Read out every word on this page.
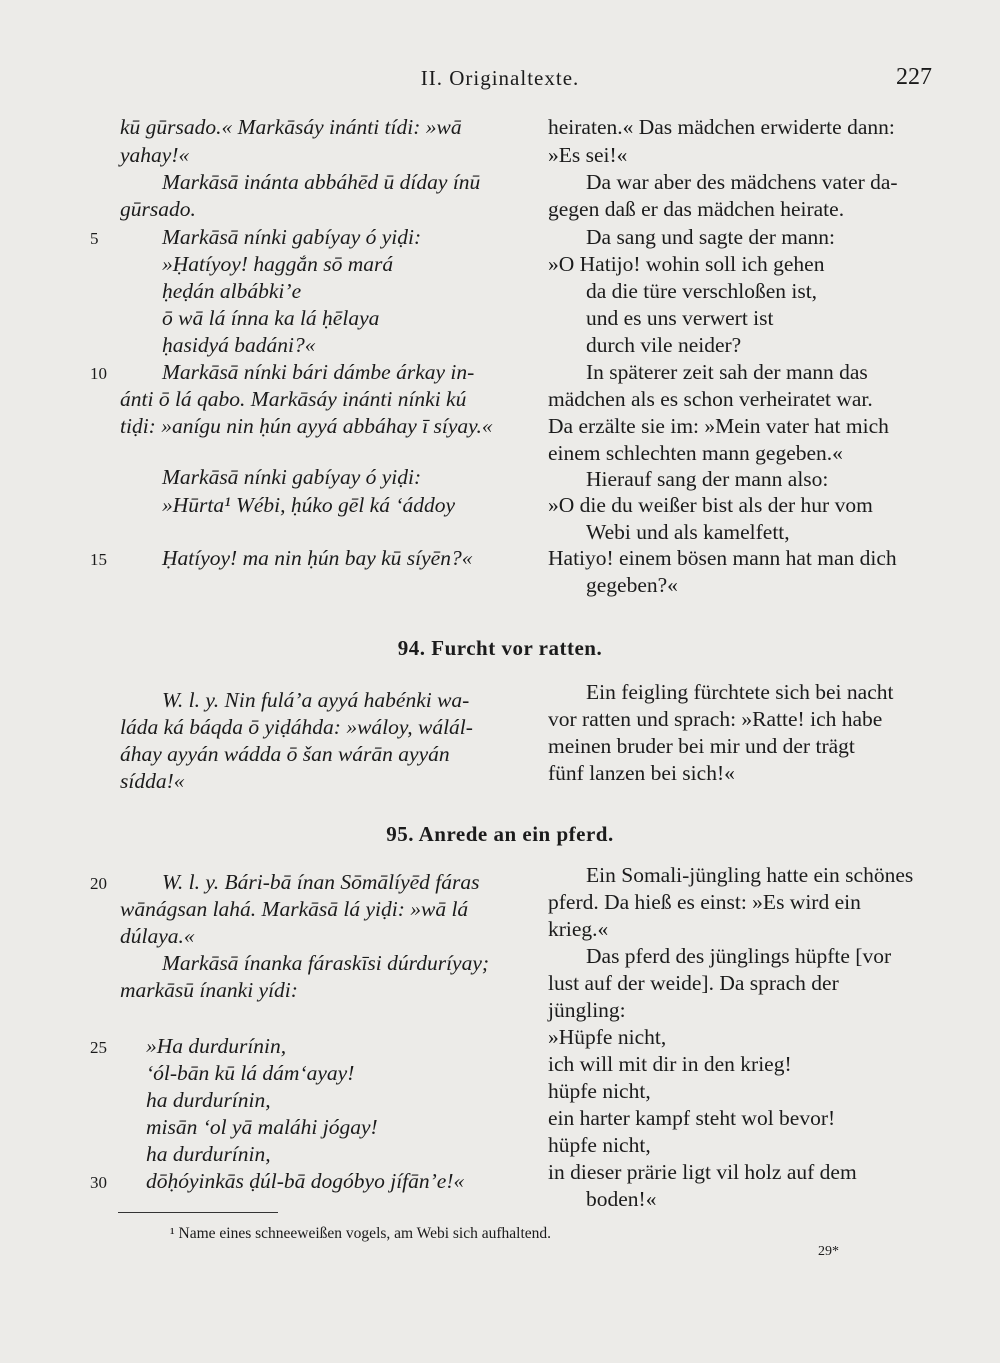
II. Originaltexte.	227
kū gūrsado.« Markāsáy inánti tídi: »wā
yahay!«
Markāsā inánta abbáhēd ū díday ínū
gūrsado.
Markāsā nínki gabíyay ó yiḍi:
5
»Ḥatíyoy! haggắn sō mará
ḥeḍán albábkiʼe
ō wā lá ínna ka lá ḥēlaya
ḥasidyá badáni?«
Markāsā nínki bári dámbe árkay in-
10
ánti ō lá qabo. Markāsáy inánti nínki kú
tiḍi: »anígu nin ḥún ayyá abbáhay ī síyay.«
Markāsā nínki gabíyay ó yiḍi:
»Hūrta¹ Wébi, ḥúko gēl ká ʻáddoy
Ḥatíyoy! ma nin ḥún bay kū síyēn?«
15
heiraten.« Das mädchen erwiderte dann:
»Es sei!«
Da war aber des mädchens vater da-
gegen daß er das mädchen heirate.
Da sang und sagte der mann:
»O Hatijo! wohin soll ich gehen
da die türe verschloßen ist,
und es uns verwert ist
durch vile neider?
In späterer zeit sah der mann das
mädchen als es schon verheiratet war.
Da erzälte sie im: »Mein vater hat mich
einem schlechten mann gegeben.«
Hierauf sang der mann also:
»O die du weißer bist als der hur vom
Webi und als kamelfett,
Hatiyo! einem bösen mann hat man dich
gegeben?«
94. Furcht vor ratten.
W. l. y. Nin fuláʼa ayyá habénki wa-
láda ká báqda ō yiḍáhda: »wáloy, wálál-
áhay ayyán wádda ō šan wárān ayyán
sídda!«
Ein feigling fürchtete sich bei nacht
vor ratten und sprach: »Ratte! ich habe
meinen bruder bei mir und der trägt
fünf lanzen bei sich!«
95. Anrede an ein pferd.
W. l. y. Bári-bā ínan Sōmālíyēd fáras
20
wānágsan lahá. Markāsā lá yiḍi: »wā lá
dúlaya.«
Markāsā ínanka fáraskīsi dúrduríyay;
markāsū ínanki yídi:
»Ha durdurínin,
25
ʻól-bān kū lá dámʻayay!
ha durdurínin,
misān ʻol yā maláhi jógay!
ha durdurínin,
dōḥóyinkās ḍúl-bā dogóbyo jífānʼe!«
30
Ein Somali-jüngling hatte ein schönes
pferd. Da hieß es einst: »Es wird ein
krieg.«
Das pferd des jünglings hüpfte [vor
lust auf der weide]. Da sprach der
jüngling:
»Hüpfe nicht,
ich will mit dir in den krieg!
hüpfe nicht,
ein harter kampf steht wol bevor!
hüpfe nicht,
in dieser prärie ligt vil holz auf dem
boden!«
¹ Name eines schneeweißen vogels, am Webi sich aufhaltend.
29*
